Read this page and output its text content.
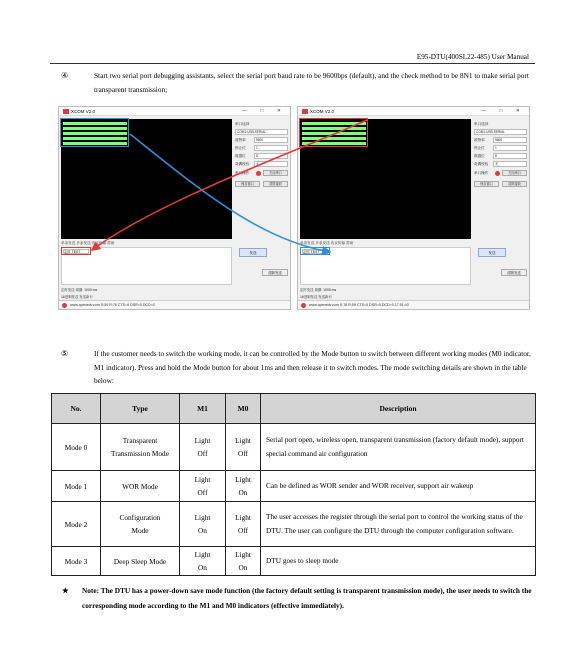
E95-DTU(400SL22-485) User Manual
④	Start two serial port debugging assistants, select the serial port baud rate to be 9600bps (default), and the check method to be 8N1 to make serial port transparent transmission;
XCOM V2.0	— □ ✕
串口选择
COM1:USB-SERIAL
波特率	9600
停止位	1
数据位	8
奇偶校验	无
串口操作	关闭串口
保存窗口	清除接收
单条发送 多条发送 协议传输 帮助
定时 TEST	发送
清除发送
定时发送 周期: 1000 ms
16进制发送 发送新行
www.openedv.com S:59 R:78 CTS=0 DSR=0 DCD=0
XCOM V2.0	— □ ✕
串口选择
COM1:USB-SERIAL
波特率	9600
停止位	1
数据位	8
奇偶校验	无
串口操作	关闭串口
保存窗口	清除接收
单条发送 多条发送 协议传输 帮助
定时 TEST	发送
清除发送
定时发送 周期: 1000 ms
16进制发送 发送新行
www.openedv.com S:78 R:59 CTS=0 DSR=0 DCD=0 17:51:43
⑤	If the customer needs to switch the working mode, it can be controlled by the Mode button to switch between different working modes (M0 indicator, M1 indicator). Press and hold the Mode button for about 1ms and then release it to switch modes. The mode switching details are shown in the table below:
No.	Type	M1	M0	Description
Mode 0	Transparent Transmission Mode	Light Off	Light Off	Serial port open, wireless open, transparent transmission (factory default mode), support special command air configuration
Mode 1	WOR Mode	Light Off	Light On	Can be defined as WOR sender and WOR receiver, support air wakeup
Mode 2	Configuration Mode	Light On	Light Off	The user accesses the register through the serial port to control the working status of the DTU. The user can configure the DTU through the computer configuration software.
Mode 3	Deep Sleep Mode	Light On	Light On	DTU goes to sleep mode
★	Note: The DTU has a power-down save mode function (the factory default setting is transparent transmission mode), the user needs to switch the corresponding mode according to the M1 and M0 indicators (effective immediately).
